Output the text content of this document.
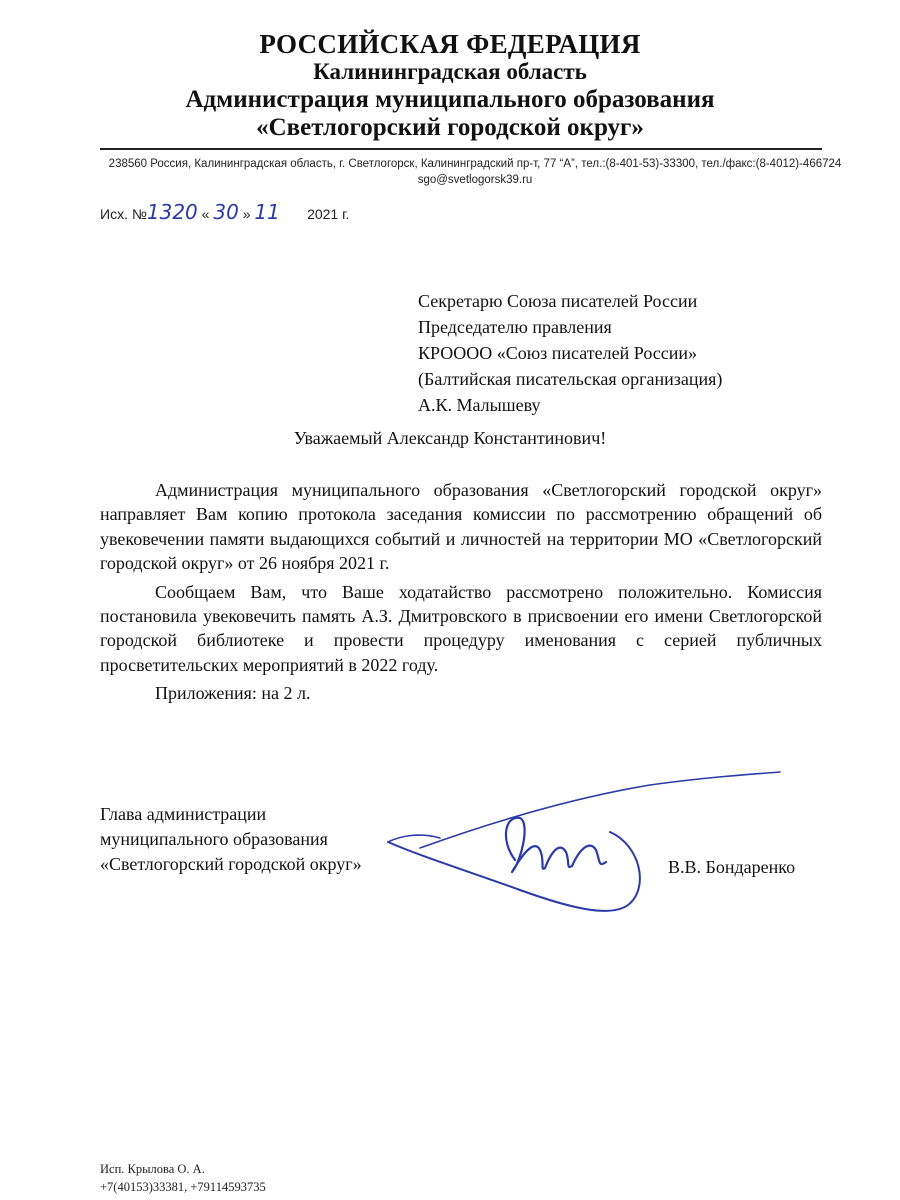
РОССИЙСКАЯ ФЕДЕРАЦИЯ
Калининградская область
Администрация муниципального образования
«Светлогорский городской округ»
238560 Россия, Калининградская область, г. Светлогорск, Калининградский пр-т, 77 “А”, тел.:(8-401-53)-33300, тел./факс:(8-4012)-466724
sgo@svetlogorsk39.ru
Исх. №1320 « 30 » 11 2021 г.
Секретарю Союза писателей России
Председателю правления
КРОООО «Союз писателей России»
(Балтийская писательская организация)
А.К. Малышеву
Уважаемый Александр Константинович!

Администрация муниципального образования «Светлогорский городской округ» направляет Вам копию протокола заседания комиссии по рассмотрению обращений об увековечении памяти выдающихся событий и личностей на территории МО «Светлогорский городской округ» от 26 ноября 2021 г.

Сообщаем Вам, что Ваше ходатайство рассмотрено положительно. Комиссия постановила увековечить память А.З. Дмитровского в присвоении его имени Светлогорской городской библиотеке и провести процедуру именования с серией публичных просветительских мероприятий в 2022 году.

Приложения: на 2 л.

Глава администрации
муниципального образования
«Светлогорский городской округ»	В.В. Бондаренко
Исп. Крылова О. А.
+7(40153)33381, +79114593735
